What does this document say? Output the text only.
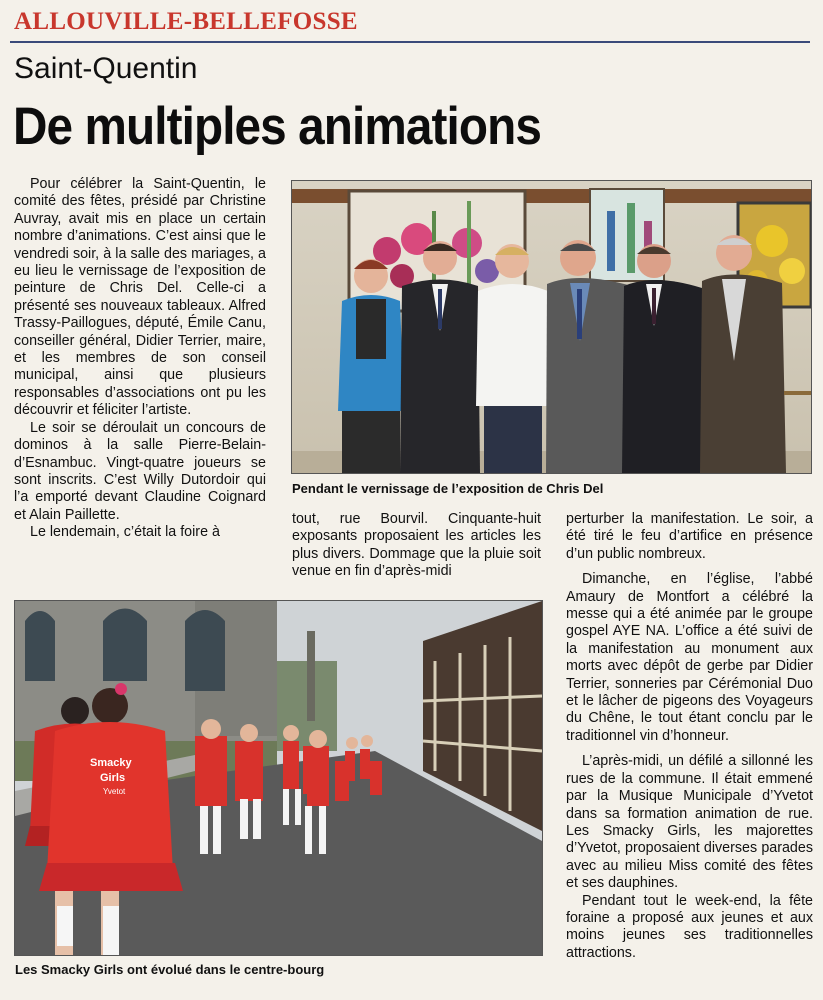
ALLOUVILLE-BELLEFOSSE
Saint-Quentin
De multiples animations

Pour célébrer la Saint-Quentin, le comité des fêtes, présidé par Christine Auvray, avait mis en place un certain nombre d’animations. C’est ainsi que le vendredi soir, à la salle des mariages, a eu lieu le vernissage de l’exposition de peinture de Chris Del. Celle-ci a présenté ses nouveaux tableaux. Alfred Trassy-Paillogues, député, Émile Canu, conseiller général, Didier Terrier, maire, et les membres de son conseil municipal, ainsi que plusieurs responsables d’associations ont pu les découvrir et féliciter l’artiste.

Le soir se déroulait un concours de dominos à la salle Pierre-Belain-d’Esnambuc. Vingt-quatre joueurs se sont inscrits. C’est Willy Dutordoir qui l’a emporté devant Claudine Coignard et Alain Paillette.

Le lendemain, c’était la foire à

Pendant le vernissage de l’exposition de Chris Del

tout, rue Bourvil. Cinquante-huit exposants proposaient les articles les plus divers. Dommage que la pluie soit venue en fin d’après-midi

perturber la manifestation. Le soir, a été tiré le feu d’artifice en présence d’un public nombreux.

Dimanche, en l’église, l’abbé Amaury de Montfort a célébré la messe qui a été animée par le groupe gospel AYE NA. L’office a été suivi de la manifestation au monument aux morts avec dépôt de gerbe par Didier Terrier, sonneries par Cérémonial Duo et le lâcher de pigeons des Voyageurs du Chêne, le tout étant conclu par le traditionnel vin d’honneur.

L’après-midi, un défilé a sillonné les rues de la commune. Il était emmené par la Musique Municipale d’Yvetot dans sa formation animation de rue. Les Smacky Girls, les majorettes d’Yvetot, proposaient diverses parades avec au milieu Miss comité des fêtes et ses dauphines.

Pendant tout le week-end, la fête foraine a proposé aux jeunes et aux moins jeunes ses traditionnelles attractions.

Smacky
Girls
Yvetot
Les Smacky Girls ont évolué dans le centre-bourg
